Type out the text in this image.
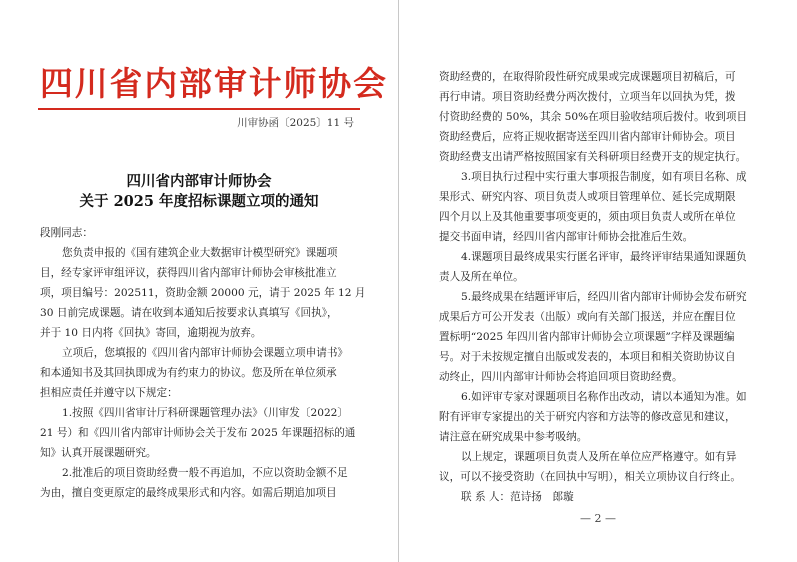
四川省内部审计师协会
川审协函〔2025〕11 号
四川省内部审计师协会
关于 2025 年度招标课题立项的通知
段刚同志：
您负责申报的《国有建筑企业大数据审计模型研究》课题项
目，经专家评审组评议，获得四川省内部审计师协会审核批准立
项，项目编号：202511，资助金额 20000 元，请于 2025 年 12 月
30 日前完成课题。请在收到本通知后按要求认真填写《回执》，
并于 10 日内将《回执》寄回，逾期视为放弃。
立项后，您填报的《四川省内部审计师协会课题立项申请书》
和本通知书及其回执即成为有约束力的协议。您及所在单位须承
担相应责任并遵守以下规定：
1.按照《四川省审计厅科研课题管理办法》（川审发〔2022〕
21 号）和《四川省内部审计师协会关于发布 2025 年课题招标的通
知》认真开展课题研究。
2.批准后的项目资助经费一般不再追加，不应以资助金额不足
为由，擅自变更原定的最终成果形式和内容。如需后期追加项目
资助经费的，在取得阶段性研究成果或完成课题项目初稿后，可
再行申请。项目资助经费分两次拨付，立项当年以回执为凭，拨
付资助经费的 50%，其余 50%在项目验收结项后拨付。收到项目
资助经费后，应将正规收据寄送至四川省内部审计师协会。项目
资助经费支出请严格按照国家有关科研项目经费开支的规定执行。
3.项目执行过程中实行重大事项报告制度，如有项目名称、成
果形式、研究内容、项目负责人或项目管理单位、延长完成期限
四个月以上及其他重要事项变更的，须由项目负责人或所在单位
提交书面申请，经四川省内部审计师协会批准后生效。
4.课题项目最终成果实行匿名评审，最终评审结果通知课题负
责人及所在单位。
5.最终成果在结题评审后，经四川省内部审计师协会发布研究
成果后方可公开发表（出版）或向有关部门报送，并应在醒目位
置标明“2025 年四川省内部审计师协会立项课题”字样及课题编
号。对于未按规定擅自出版或发表的，本项目和相关资助协议自
动终止，四川内部审计师协会将追回项目资助经费。
6.如评审专家对课题项目名称作出改动，请以本通知为准。如
附有评审专家提出的关于研究内容和方法等的修改意见和建议，
请注意在研究成果中参考吸纳。
以上规定，课题项目负责人及所在单位应严格遵守。如有异
议，可以不接受资助（在回执中写明），相关立项协议自行终止。
联 系 人：范诗扬　郎璇
— 2 —
